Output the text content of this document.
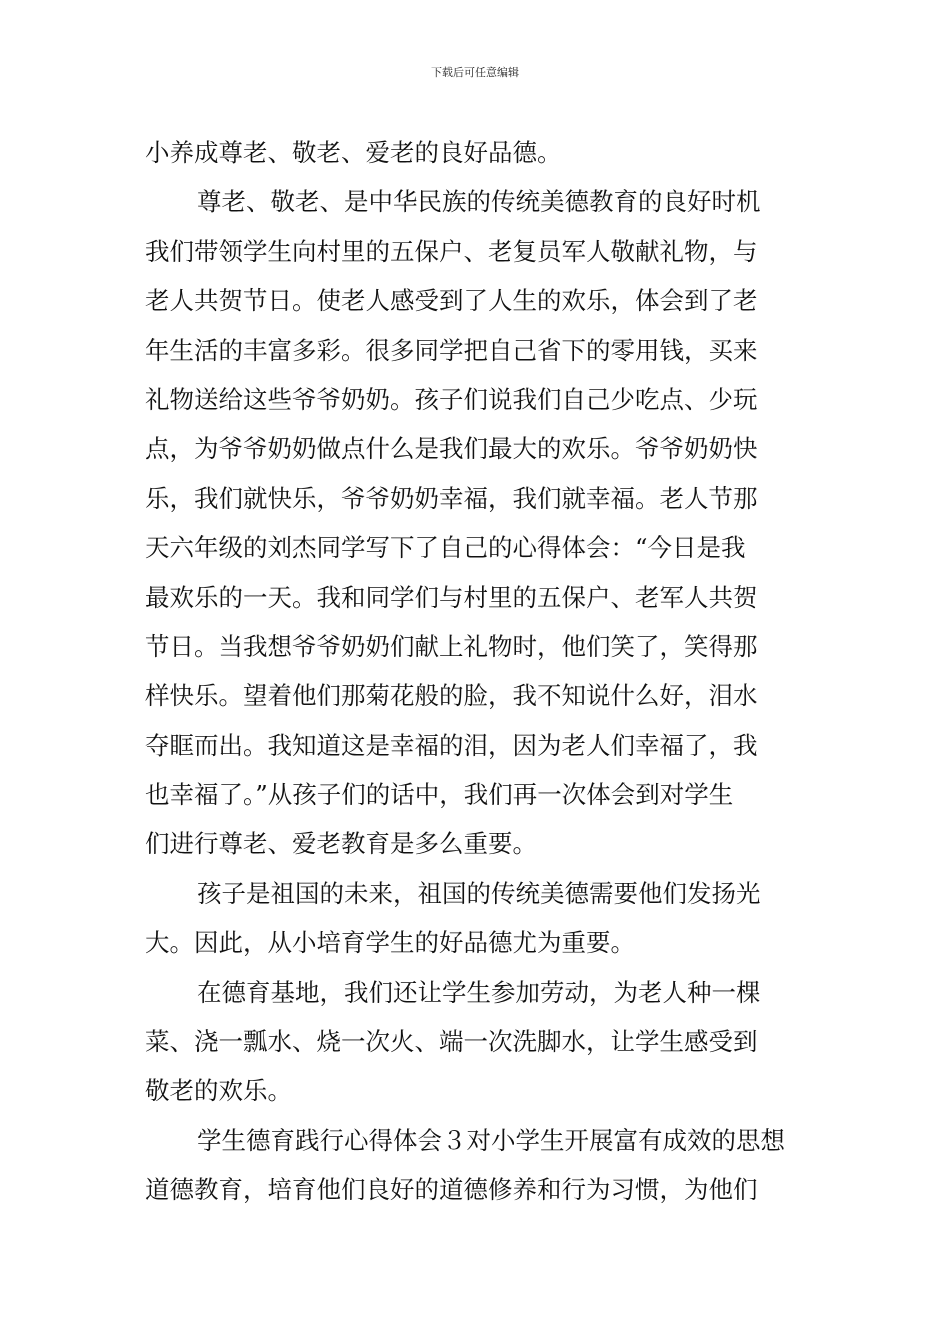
下载后可任意编辑
小养成尊老、敬老、爱老的良好品德。
尊老、敬老、是中华民族的传统美德教育的良好时机
我们带领学生向村里的五保户、老复员军人敬献礼物，与
老人共贺节日。使老人感受到了人生的欢乐，体会到了老
年生活的丰富多彩。很多同学把自己省下的零用钱，买来
礼物送给这些爷爷奶奶。孩子们说我们自己少吃点、少玩
点，为爷爷奶奶做点什么是我们最大的欢乐。爷爷奶奶快
乐，我们就快乐，爷爷奶奶幸福，我们就幸福。老人节那
天六年级的刘杰同学写下了自己的心得体会：“今日是我
最欢乐的一天。我和同学们与村里的五保户、老军人共贺
节日。当我想爷爷奶奶们献上礼物时，他们笑了，笑得那
样快乐。望着他们那菊花般的脸，我不知说什么好，泪水
夺眶而出。我知道这是幸福的泪，因为老人们幸福了，我
也幸福了。”从孩子们的话中，我们再一次体会到对学生
们进行尊老、爱老教育是多么重要。
孩子是祖国的未来，祖国的传统美德需要他们发扬光
大。因此，从小培育学生的好品德尤为重要。
在德育基地，我们还让学生参加劳动，为老人种一棵
菜、浇一瓢水、烧一次火、端一次洗脚水，让学生感受到
敬老的欢乐。
学生德育践行心得体会３对小学生开展富有成效的思想
道德教育，培育他们良好的道德修养和行为习惯，为他们
